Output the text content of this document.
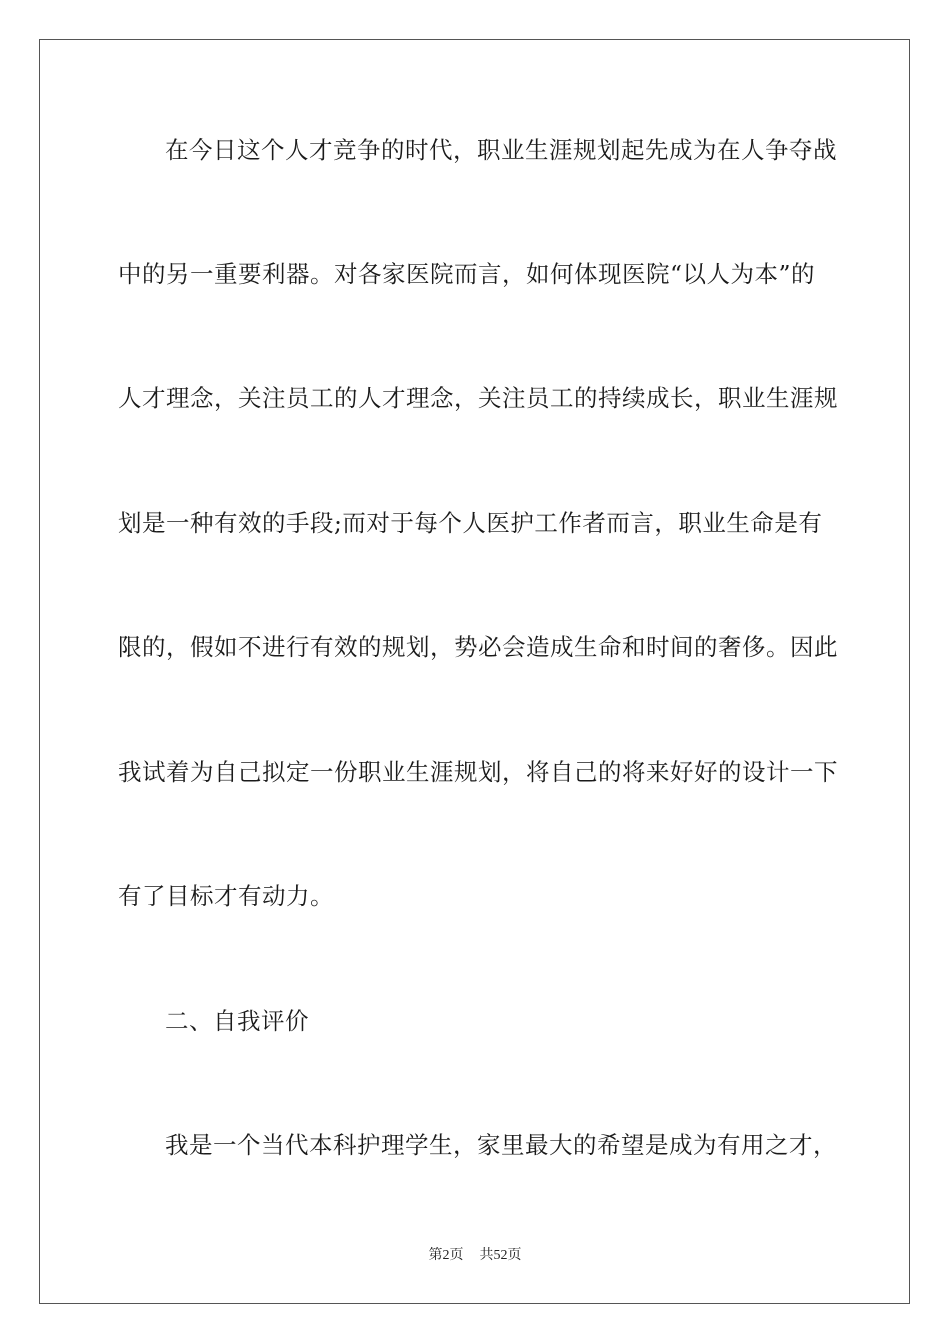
在今日这个人才竞争的时代，职业生涯规划起先成为在人争夺战
中的另一重要利器。对各家医院而言，如何体现医院“以人为本”的
人才理念，关注员工的人才理念，关注员工的持续成长，职业生涯规
划是一种有效的手段;而对于每个人医护工作者而言，职业生命是有
限的，假如不进行有效的规划，势必会造成生命和时间的奢侈。因此
我试着为自己拟定一份职业生涯规划，将自己的将来好好的设计一下
有了目标才有动力。
二、自我评价
我是一个当代本科护理学生，家里最大的希望是成为有用之才，
第2页 共52页
